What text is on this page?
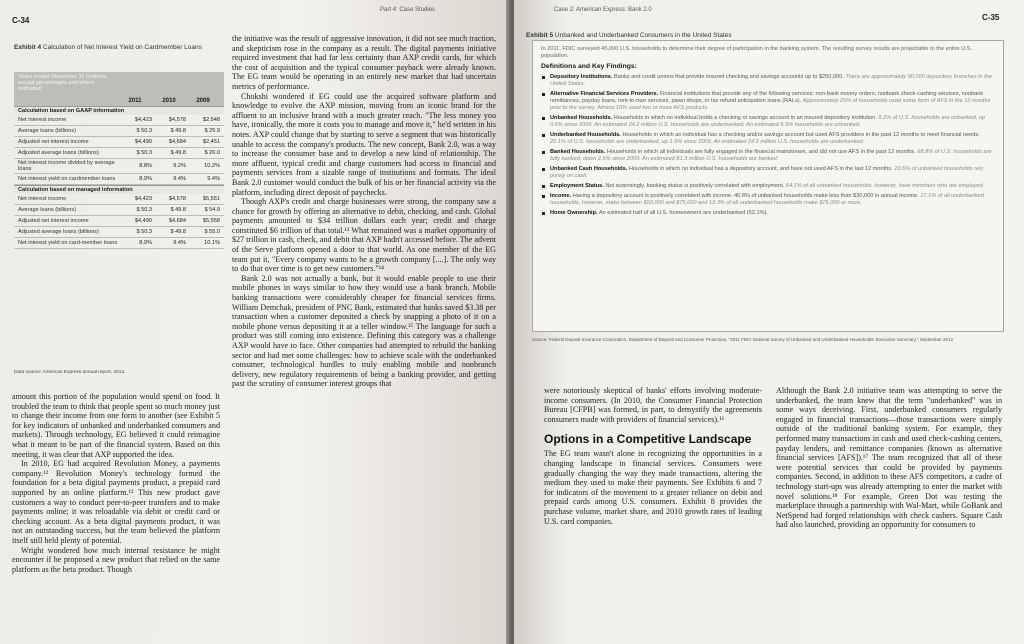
C-34
Part 4: Case Studies
Exhibit 4 Calculation of Net Interest Yield on Cardmember Loans
Years ended December 31 (millions, except percentages and where indicated)
2011	2010	2009
Calculation based on GAAP information
Net interest income	$4,423	$4,578	$2,548
Average loans (billions)	$ 50.3	$ 49.8	$ 25.9
Adjusted net interest income	$4,490	$4,684	$2,451
Adjusted average loans (billions)	$ 50.3	$ 49.8	$ 26.0
Net interest income divided by average loans	8.8%	9.2%	10.2%
Net interest yield on cardmember loans	8.9%	9.4%	9.4%
Calculation based on managed information
Net interest income	$4,423	$4,578	$5,551
Average loans (billions)	$ 50.3	$ 49.8	$ 54.9
Adjusted net interest income	$4,490	$4,684	$5,558
Adjusted average loans (billions)	$ 50.3	$ 49.8	$ 55.0
Net interest yield on card-member loans	8.9%	9.4%	10.1%
Data source: American Express annual report, 2012.

the initiative was the result of aggressive innovation, it did not see much traction, and skepticism rose in the company as a result. The digital payments initiative required investment that had far less certainty than AXP credit cards, for which the cost of acquisition and the typical consumer payback were already known. The EG team would be operating in an entirely new market that had uncertain metrics of performance.

Chokshi wondered if EG could use the acquired software platform and knowledge to evolve the AXP mission, moving from an iconic brand for the affluent to an inclusive brand with a much greater reach. "The less money you have, ironically, the more it costs you to manage and move it," he'd written in his notes. AXP could change that by starting to serve a segment that was historically unable to access the company's products. The new concept, Bank 2.0, was a way to increase the consumer base and to develop a new kind of relationship. The more affluent, typical credit and charge customers had access to financial and payments services from a sizable range of institutions and formats. The ideal Bank 2.0 customer would conduct the bulk of his or her financial activity via the platform, including direct deposit of paychecks.

Though AXP's credit and charge businesses were strong, the company saw a chance for growth by offering an alternative to debit, checking, and cash. Global payments amounted to $34 trillion dollars each year; credit and charge constituted $6 trillion of that total.¹³ What remained was a market opportunity of $27 trillion in cash, check, and debit that AXP hadn't accessed before. The advent of the Serve platform opened a door to that world. As one member of the EG team put it, "Every company wants to be a growth company [....]. The only way to do that over time is to get new customers."¹⁴

Bank 2.0 was not actually a bank, but it would enable people to use their mobile phones in ways similar to how they would use a bank branch. Mobile banking transactions were considerably cheaper for financial services firms. William Demchak, president of PNC Bank, estimated that banks saved $3.38 per transaction when a customer deposited a check by snapping a photo of it on a mobile phone versus depositing it at a teller window.¹⁵ The language for such a product was still coming into existence. Defining this category was a challenge AXP would have to face. Other companies had attempted to rebuild the banking sector and had met some challenges: how to achieve scale with the underbanked consumer, technological hurdles to truly enabling mobile and nonbranch delivery, new regulatory requirements of being a banking provider, and getting past the scrutiny of consumer interest groups that

amount this portion of the population would spend on food. It troubled the team to think that people spent so much money just to change their income from one form to another (see Exhibit 5 for key indicators of unbanked and underbanked consumers and markets). Through technology, EG believed it could reimagine what it meant to be part of the financial system. Based on this meeting, it was clear that AXP supported the idea.

In 2010, EG had acquired Revolution Money, a payments company.¹² Revolution Money's technology formed the foundation for a beta digital payments product, a prepaid card supported by an online platform.¹² This new product gave customers a way to conduct peer-to-peer transfers and to make payments online; it was reloadable via debit or credit card or checking account. As a beta digital payments product, it was not an outstanding success, but the team believed the platform itself still held plenty of potential.

Wright wondered how much internal resistance he might encounter if he proposed a new product that relied on the same platform as the beta product. Though

Case 2: American Express: Bank 2.0
C-35
Exhibit 5 Unbanked and Underbanked Consumers in the United States
In 2011, FDIC surveyed 45,000 U.S. households to determine their degree of participation in the banking system. The resulting survey results are projectable to the entire U.S. population.
Definitions and Key Findings:
Depository Institutions. Banks and credit unions that provide insured checking and savings accounts up to $250,000. There are approximately 90,000 depository branches in the United States.
Alternative Financial Services Providers. Financial institutions that provide any of the following services: non-bank money orders, nonbank check-cashing services, nonbank remittances, payday loans, rent-to-own services, pawn shops, or tax refund anticipation loans (RALs). Approximately 25% of households used some form of AFS in the 12 months prior to the survey. Almost 10% used two or more AFS products.
Unbanked Households. Households in which no individual holds a checking or savings account in an insured depository institution. 8.2% of U.S. households are unbanked, up 0.6% since 2009. An estimated 24.2 million U.S. households are underbanked. An estimated 9.9% households are unbanked.
Underbanked Households. Households in which an individual has a checking and/or savings account but used AFS providers in the past 12 months to meet financial needs. 20.1% of U.S. households are underbanked, up 1.9% since 2009. An estimated 24.2 million U.S. households are underbanked.
Banked Households. Households in which all individuals are fully engaged in the financial mainstream, and did not use AFS in the past 12 months. 68.8% of U.S. households are fully banked, down 2.5% since 2009. An estimated 81.3 million U.S. households are banked.
Unbanked Cash Households. Households in which no individual has a depository account, and have not used AFS in the last 12 months. 29.5% of unbanked households rely purely on cash.
Employment Status. Not surprisingly, banking status is positively correlated with employment. 64.1% of all unbanked households, however, have members who are employed.
Income. Having a depository account is positively correlated with income. 40.8% of unbanked households make less than $30,000 in annual income. 17.1% of all underbanked households, however, make between $50,000 and $75,000 and 13.3% of all underbanked households make $75,000 or more.
Home Ownership. An estimated half of all U.S. homeowners are underbanked (52.1%).
Source: Federal Deposit Insurance Corporation, Department of Deposit and Consumer Protection, "2011 FDIC National Survey of Unbanked and Underbanked Households: Executive Summary," September 2012.

were notoriously skeptical of banks' efforts involving moderate-income consumers. (In 2010, the Consumer Financial Protection Bureau [CFPB] was formed, in part, to demystify the agreements consumers made with providers of financial services).¹⁶

Options in a Competitive Landscape

The EG team wasn't alone in recognizing the opportunities in a changing landscape in financial services. Consumers were gradually changing the way they made transactions, altering the medium they used to make their payments. See Exhibits 6 and 7 for indicators of the movement to a greater reliance on debit and prepaid cards among U.S. consumers. Exhibit 8 provides the purchase volume, market share, and 2010 growth rates of leading U.S. card companies.

Although the Bank 2.0 initiative team was attempting to serve the underbanked, the team knew that the term "underbanked" was in some ways deceiving. First, underbanked consumers regularly engaged in financial transactions—those transactions were simply outside of the traditional banking system. For example, they performed many transactions in cash and used check-cashing centers, payday lenders, and remittance companies (known as alternative financial services [AFS]).¹⁷ The team recognized that all of these were potential services that could be provided by payments companies. Second, in addition to these AFS competitors, a cadre of technology start-ups was already attempting to enter the market with novel solutions.¹⁸ For example, Green Dot was testing the marketplace through a partnership with Wal-Mart, while GoBank and NetSpend had forged relationships with check cashers. Square Cash had also launched, providing an opportunity for consumers to
